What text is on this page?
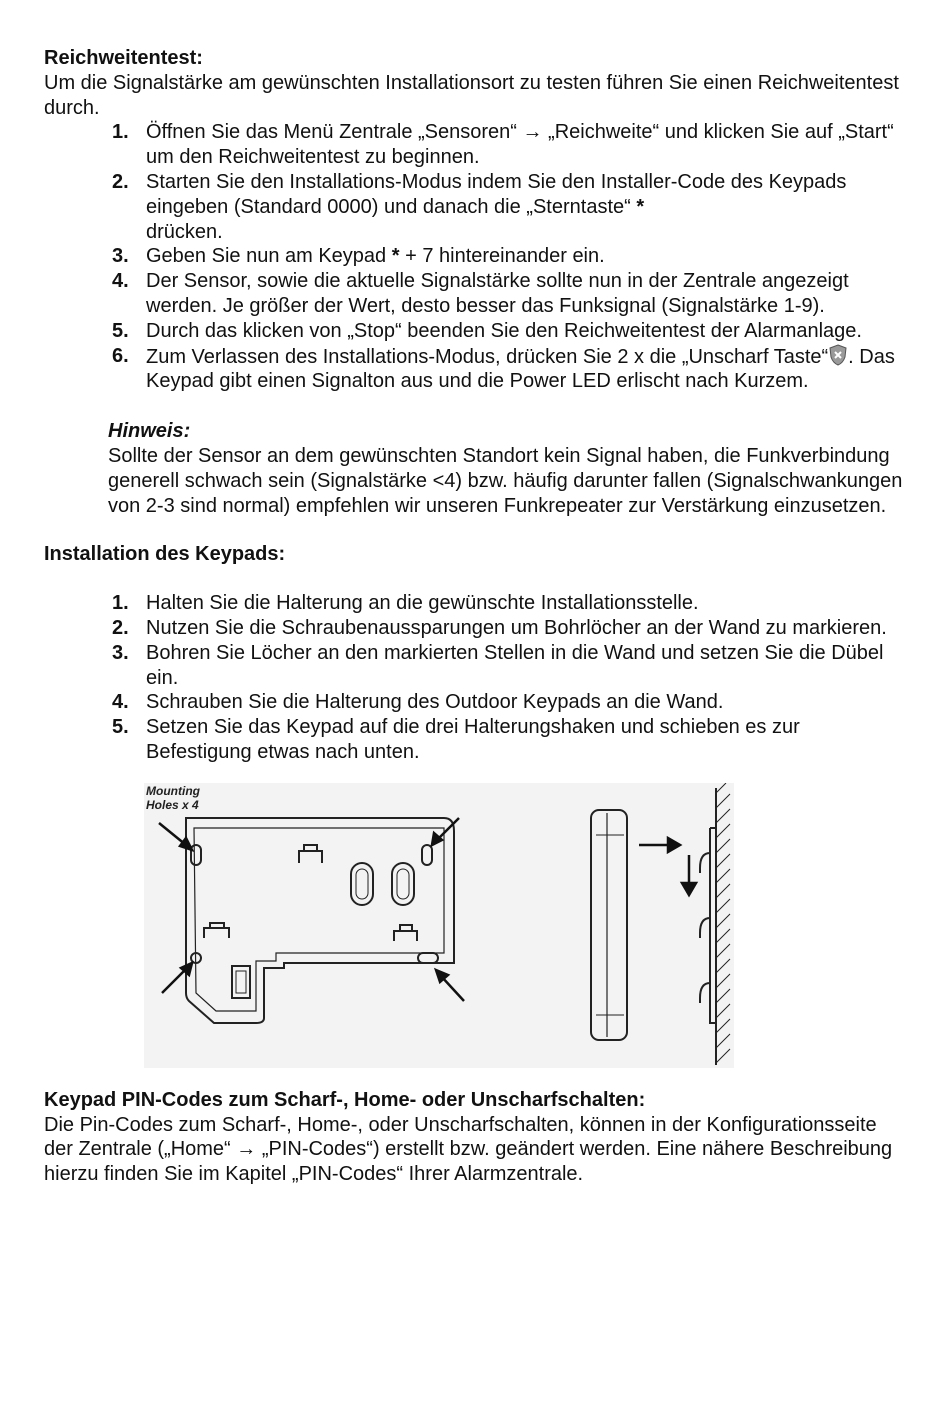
Reichweitentest:

Um die Signalstärke am gewünschten Installationsort zu testen führen Sie einen Reichweitentest durch.

1. Öffnen Sie das Menü Zentrale „Sensoren“ → „Reichweite“ und klicken Sie auf „Start“ um den Reichweitentest zu beginnen.
2. Starten Sie den Installations-Modus indem Sie den Installer-Code des Keypads eingeben (Standard 0000) und danach die „Sterntaste“ *
drücken.
3. Geben Sie nun am Keypad * + 7 hintereinander ein.
4. Der Sensor, sowie die aktuelle Signalstärke sollte nun in der Zentrale angezeigt werden. Je größer der Wert, desto besser das Funksignal (Signalstärke 1-9).
5. Durch das klicken von „Stop“ beenden Sie den Reichweitentest der Alarmanlage.
6. Zum Verlassen des Installations-Modus, drücken Sie 2 x die „Unscharf Taste“ . Das Keypad gibt einen Signalton aus und die Power LED erlischt nach Kurzem.

Hinweis:

Sollte der Sensor an dem gewünschten Standort kein Signal haben, die Funkverbindung generell schwach sein (Signalstärke <4) bzw. häufig darunter fallen (Signalschwankungen von 2-3 sind normal) empfehlen wir unseren Funkrepeater zur Verstärkung einzusetzen.

Installation des Keypads:

1. Halten Sie die Halterung an die gewünschte Installationsstelle.
2. Nutzen Sie die Schraubenaussparungen um Bohrlöcher an der Wand zu markieren.
3. Bohren Sie Löcher an den markierten Stellen in die Wand und setzen Sie die Dübel ein.
4. Schrauben Sie die Halterung des Outdoor Keypads an die Wand.
5. Setzen Sie das Keypad auf die drei Halterungshaken und schieben es zur Befestigung etwas nach unten.
Mounting
Holes x 4

Keypad PIN-Codes zum Scharf-, Home- oder Unscharfschalten:

Die Pin-Codes zum Scharf-, Home-, oder Unscharfschalten, können in der Konfigurationsseite der Zentrale („Home“ → „PIN-Codes“) erstellt bzw. geändert werden. Eine nähere Beschreibung hierzu finden Sie im Kapitel „PIN-Codes“ Ihrer Alarmzentrale.
